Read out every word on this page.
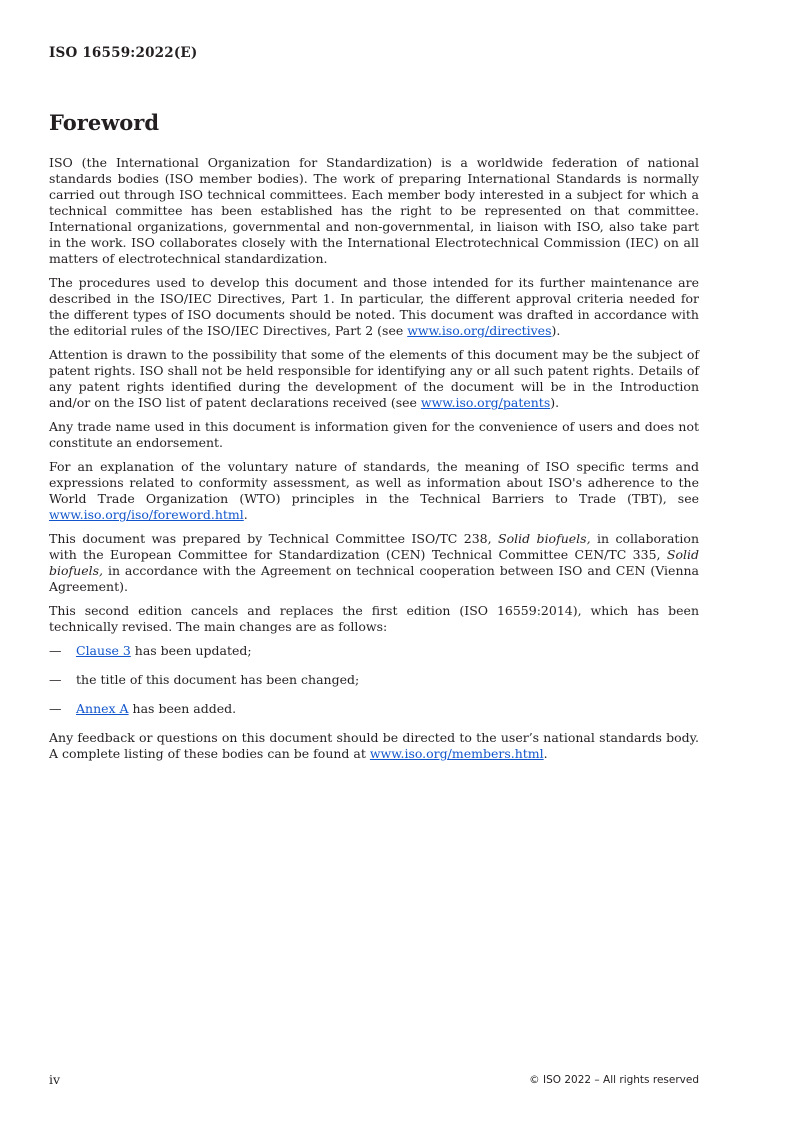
ISO 16559:2022(E)
Foreword

ISO (the International Organization for Standardization) is a worldwide federation of national standards bodies (ISO member bodies). The work of preparing International Standards is normally carried out through ISO technical committees. Each member body interested in a subject for which a technical committee has been established has the right to be represented on that committee. International organizations, governmental and non-governmental, in liaison with ISO, also take part in the work. ISO collaborates closely with the International Electrotechnical Commission (IEC) on all matters of electrotechnical standardization.

The procedures used to develop this document and those intended for its further maintenance are described in the ISO/IEC Directives, Part 1. In particular, the different approval criteria needed for the different types of ISO documents should be noted. This document was drafted in accordance with the editorial rules of the ISO/IEC Directives, Part 2 (see www.iso.org/directives).

Attention is drawn to the possibility that some of the elements of this document may be the subject of patent rights. ISO shall not be held responsible for identifying any or all such patent rights. Details of any patent rights identified during the development of the document will be in the Introduction and/or on the ISO list of patent declarations received (see www.iso.org/patents).

Any trade name used in this document is information given for the convenience of users and does not constitute an endorsement.

For an explanation of the voluntary nature of standards, the meaning of ISO specific terms and expressions related to conformity assessment, as well as information about ISO's adherence to the World Trade Organization (WTO) principles in the Technical Barriers to Trade (TBT), see www.iso.org/iso/foreword.html.

This document was prepared by Technical Committee ISO/TC 238, Solid biofuels, in collaboration with the European Committee for Standardization (CEN) Technical Committee CEN/TC 335, Solid biofuels, in accordance with the Agreement on technical cooperation between ISO and CEN (Vienna Agreement).

This second edition cancels and replaces the first edition (ISO 16559:2014), which has been technically revised. The main changes are as follows:

—	Clause 3 has been updated;
—	the title of this document has been changed;
—	Annex A has been added.

Any feedback or questions on this document should be directed to the user’s national standards body. A complete listing of these bodies can be found at www.iso.org/members.html.

iv	© ISO 2022 – All rights reserved
